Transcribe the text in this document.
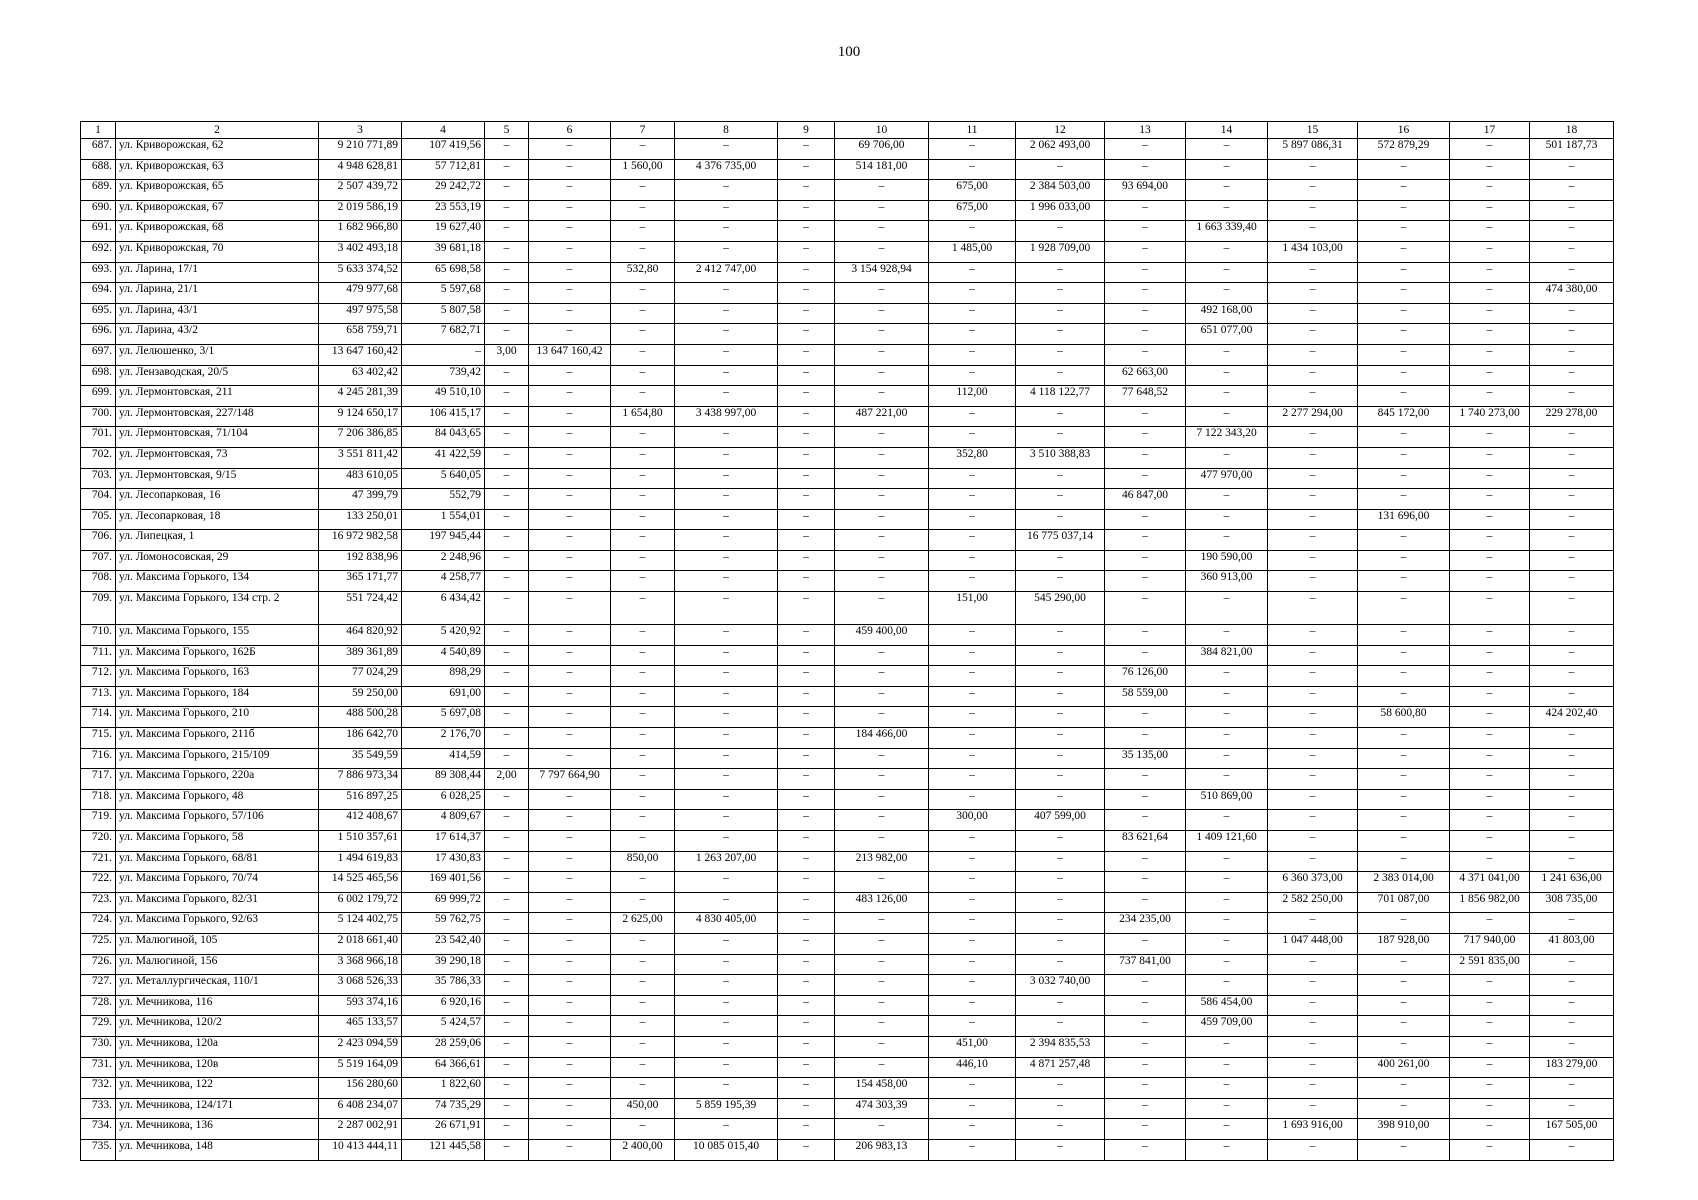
100
1	2	3	4	5	6	7	8	9	10	11	12	13	14	15	16	17	18
687.	ул. Криворожская, 62	9 210 771,89	107 419,56	–	–	–	–	–	69 706,00	–	2 062 493,00	–	–	5 897 086,31	572 879,29	–	501 187,73
688.	ул. Криворожская, 63	4 948 628,81	57 712,81	–	–	1 560,00	4 376 735,00	–	514 181,00	–	–	–	–	–	–	–	–
689.	ул. Криворожская, 65	2 507 439,72	29 242,72	–	–	–	–	–	–	675,00	2 384 503,00	93 694,00	–	–	–	–	–
690.	ул. Криворожская, 67	2 019 586,19	23 553,19	–	–	–	–	–	–	675,00	1 996 033,00	–	–	–	–	–	–
691.	ул. Криворожская, 68	1 682 966,80	19 627,40	–	–	–	–	–	–	–	–	–	1 663 339,40	–	–	–	–
692.	ул. Криворожская, 70	3 402 493,18	39 681,18	–	–	–	–	–	–	1 485,00	1 928 709,00	–	–	1 434 103,00	–	–	–
693.	ул. Ларина, 17/1	5 633 374,52	65 698,58	–	–	532,80	2 412 747,00	–	3 154 928,94	–	–	–	–	–	–	–	–
694.	ул. Ларина, 21/1	479 977,68	5 597,68	–	–	–	–	–	–	–	–	–	–	–	–	–	474 380,00
695.	ул. Ларина, 43/1	497 975,58	5 807,58	–	–	–	–	–	–	–	–	–	492 168,00	–	–	–	–
696.	ул. Ларина, 43/2	658 759,71	7 682,71	–	–	–	–	–	–	–	–	–	651 077,00	–	–	–	–
697.	ул. Лелюшенко, 3/1	13 647 160,42	–	3,00	13 647 160,42	–	–	–	–	–	–	–	–	–	–	–	–
698.	ул. Лензаводская, 20/5	63 402,42	739,42	–	–	–	–	–	–	–	–	62 663,00	–	–	–	–	–
699.	ул. Лермонтовская, 211	4 245 281,39	49 510,10	–	–	–	–	–	–	112,00	4 118 122,77	77 648,52	–	–	–	–	–
700.	ул. Лермонтовская, 227/148	9 124 650,17	106 415,17	–	–	1 654,80	3 438 997,00	–	487 221,00	–	–	–	–	2 277 294,00	845 172,00	1 740 273,00	229 278,00
701.	ул. Лермонтовская, 71/104	7 206 386,85	84 043,65	–	–	–	–	–	–	–	–	–	7 122 343,20	–	–	–	–
702.	ул. Лермонтовская, 73	3 551 811,42	41 422,59	–	–	–	–	–	–	352,80	3 510 388,83	–	–	–	–	–	–
703.	ул. Лермонтовская, 9/15	483 610,05	5 640,05	–	–	–	–	–	–	–	–	–	477 970,00	–	–	–	–
704.	ул. Лесопарковая, 16	47 399,79	552,79	–	–	–	–	–	–	–	–	46 847,00	–	–	–	–	–
705.	ул. Лесопарковая, 18	133 250,01	1 554,01	–	–	–	–	–	–	–	–	–	–	–	131 696,00	–	–
706.	ул. Липецкая, 1	16 972 982,58	197 945,44	–	–	–	–	–	–	–	16 775 037,14	–	–	–	–	–	–
707.	ул. Ломоносовская, 29	192 838,96	2 248,96	–	–	–	–	–	–	–	–	–	190 590,00	–	–	–	–
708.	ул. Максима Горького, 134	365 171,77	4 258,77	–	–	–	–	–	–	–	–	–	360 913,00	–	–	–	–
709.	ул. Максима Горького, 134 стр. 2	551 724,42	6 434,42	–	–	–	–	–	–	151,00	545 290,00	–	–	–	–	–	–
710.	ул. Максима Горького, 155	464 820,92	5 420,92	–	–	–	–	–	459 400,00	–	–	–	–	–	–	–	–
711.	ул. Максима Горького, 162Б	389 361,89	4 540,89	–	–	–	–	–	–	–	–	–	384 821,00	–	–	–	–
712.	ул. Максима Горького, 163	77 024,29	898,29	–	–	–	–	–	–	–	–	76 126,00	–	–	–	–	–
713.	ул. Максима Горького, 184	59 250,00	691,00	–	–	–	–	–	–	–	–	58 559,00	–	–	–	–	–
714.	ул. Максима Горького, 210	488 500,28	5 697,08	–	–	–	–	–	–	–	–	–	–	–	58 600,80	–	424 202,40
715.	ул. Максима Горького, 211б	186 642,70	2 176,70	–	–	–	–	–	184 466,00	–	–	–	–	–	–	–	–
716.	ул. Максима Горького, 215/109	35 549,59	414,59	–	–	–	–	–	–	–	–	35 135,00	–	–	–	–	–
717.	ул. Максима Горького, 220а	7 886 973,34	89 308,44	2,00	7 797 664,90	–	–	–	–	–	–	–	–	–	–	–	–
718.	ул. Максима Горького, 48	516 897,25	6 028,25	–	–	–	–	–	–	–	–	–	510 869,00	–	–	–	–
719.	ул. Максима Горького, 57/106	412 408,67	4 809,67	–	–	–	–	–	–	300,00	407 599,00	–	–	–	–	–	–
720.	ул. Максима Горького, 58	1 510 357,61	17 614,37	–	–	–	–	–	–	–	–	83 621,64	1 409 121,60	–	–	–	–
721.	ул. Максима Горького, 68/81	1 494 619,83	17 430,83	–	–	850,00	1 263 207,00	–	213 982,00	–	–	–	–	–	–	–	–
722.	ул. Максима Горького, 70/74	14 525 465,56	169 401,56	–	–	–	–	–	–	–	–	–	–	6 360 373,00	2 383 014,00	4 371 041,00	1 241 636,00
723.	ул. Максима Горького, 82/31	6 002 179,72	69 999,72	–	–	–	–	–	483 126,00	–	–	–	–	2 582 250,00	701 087,00	1 856 982,00	308 735,00
724.	ул. Максима Горького, 92/63	5 124 402,75	59 762,75	–	–	2 625,00	4 830 405,00	–	–	–	–	234 235,00	–	–	–	–	–
725.	ул. Малюгиной, 105	2 018 661,40	23 542,40	–	–	–	–	–	–	–	–	–	–	1 047 448,00	187 928,00	717 940,00	41 803,00
726.	ул. Малюгиной, 156	3 368 966,18	39 290,18	–	–	–	–	–	–	–	–	737 841,00	–	–	–	2 591 835,00	–
727.	ул. Металлургическая, 110/1	3 068 526,33	35 786,33	–	–	–	–	–	–	–	3 032 740,00	–	–	–	–	–	–
728.	ул. Мечникова, 116	593 374,16	6 920,16	–	–	–	–	–	–	–	–	–	586 454,00	–	–	–	–
729.	ул. Мечникова, 120/2	465 133,57	5 424,57	–	–	–	–	–	–	–	–	–	459 709,00	–	–	–	–
730.	ул. Мечникова, 120а	2 423 094,59	28 259,06	–	–	–	–	–	–	451,00	2 394 835,53	–	–	–	–	–	–
731.	ул. Мечникова, 120в	5 519 164,09	64 366,61	–	–	–	–	–	–	446,10	4 871 257,48	–	–	–	400 261,00	–	183 279,00
732.	ул. Мечникова, 122	156 280,60	1 822,60	–	–	–	–	–	154 458,00	–	–	–	–	–	–	–	–
733.	ул. Мечникова, 124/171	6 408 234,07	74 735,29	–	–	450,00	5 859 195,39	–	474 303,39	–	–	–	–	–	–	–	–
734.	ул. Мечникова, 136	2 287 002,91	26 671,91	–	–	–	–	–	–	–	–	–	–	1 693 916,00	398 910,00	–	167 505,00
735.	ул. Мечникова, 148	10 413 444,11	121 445,58	–	–	2 400,00	10 085 015,40	–	206 983,13	–	–	–	–	–	–	–	–
